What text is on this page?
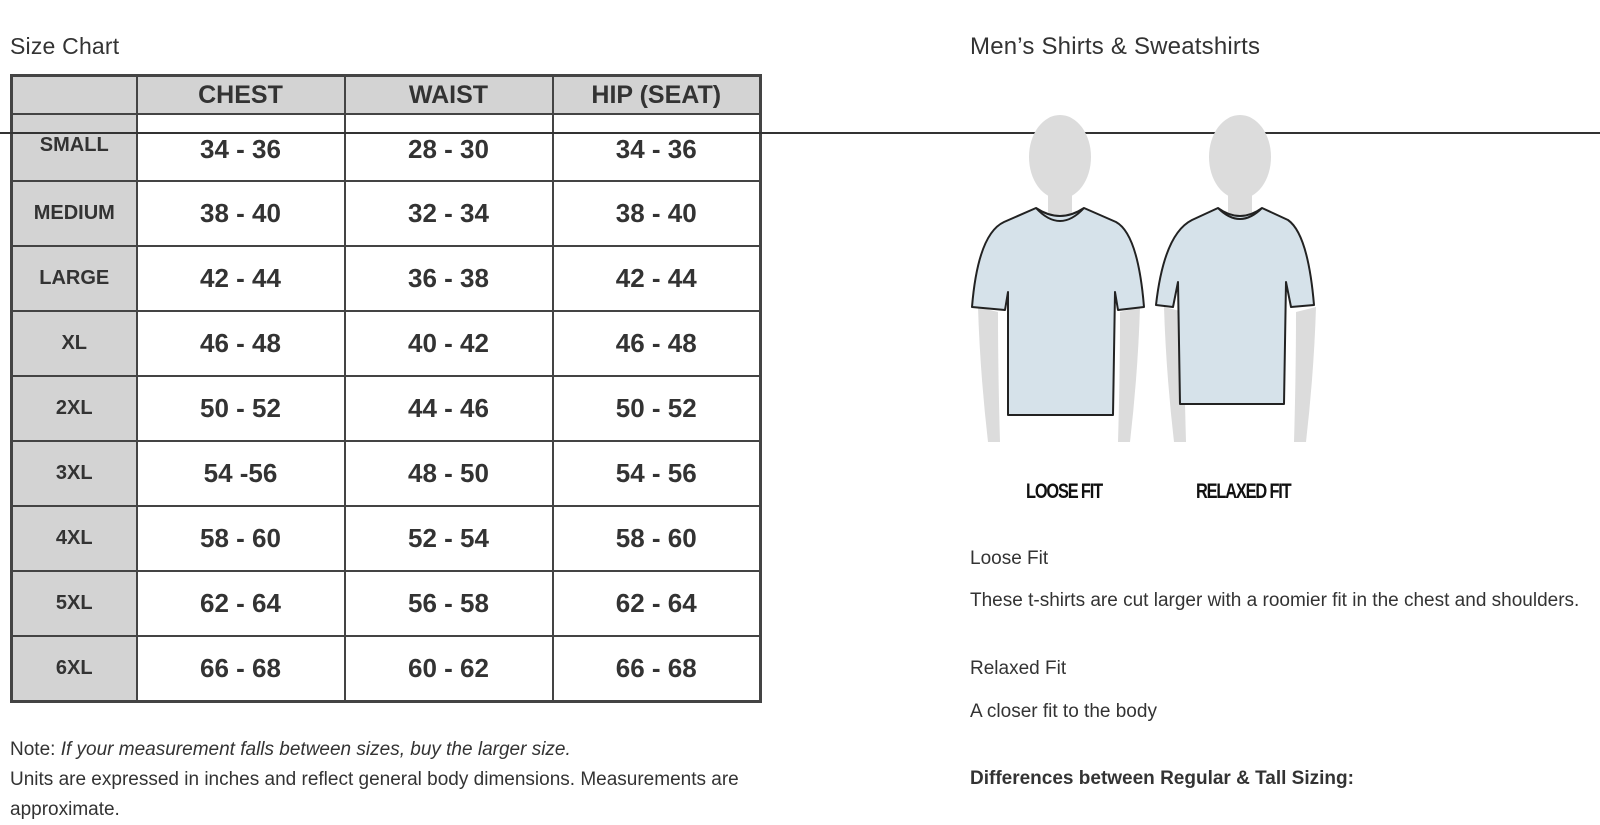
Size Chart	Men’s Shirts & Sweatshirts
	CHEST	WAIST	HIP (SEAT)

SMALL	34 - 36	28 - 30	34 - 36
MEDIUM	38 - 40	32 - 34	38 - 40
LARGE	42 - 44	36 - 38	42 - 44
XL	46 - 48	40 - 42	46 - 48
2XL	50 - 52	44 - 46	50 - 52
3XL	54 -56	48 - 50	54 - 56
4XL	58 - 60	52 - 54	58 - 60
5XL	62 - 64	56 - 58	62 - 64
6XL	66 - 68	60 - 62	66 - 68
Note: If your measurement falls between sizes, buy the larger size.
Units are expressed in inches and reflect general body dimensions. Measurements are approximate.
LOOSE FIT	RELAXED FIT
Loose Fit
These t-shirts are cut larger with a roomier fit in the chest and shoulders.
Relaxed Fit
A closer fit to the body
Differences between Regular & Tall Sizing:
